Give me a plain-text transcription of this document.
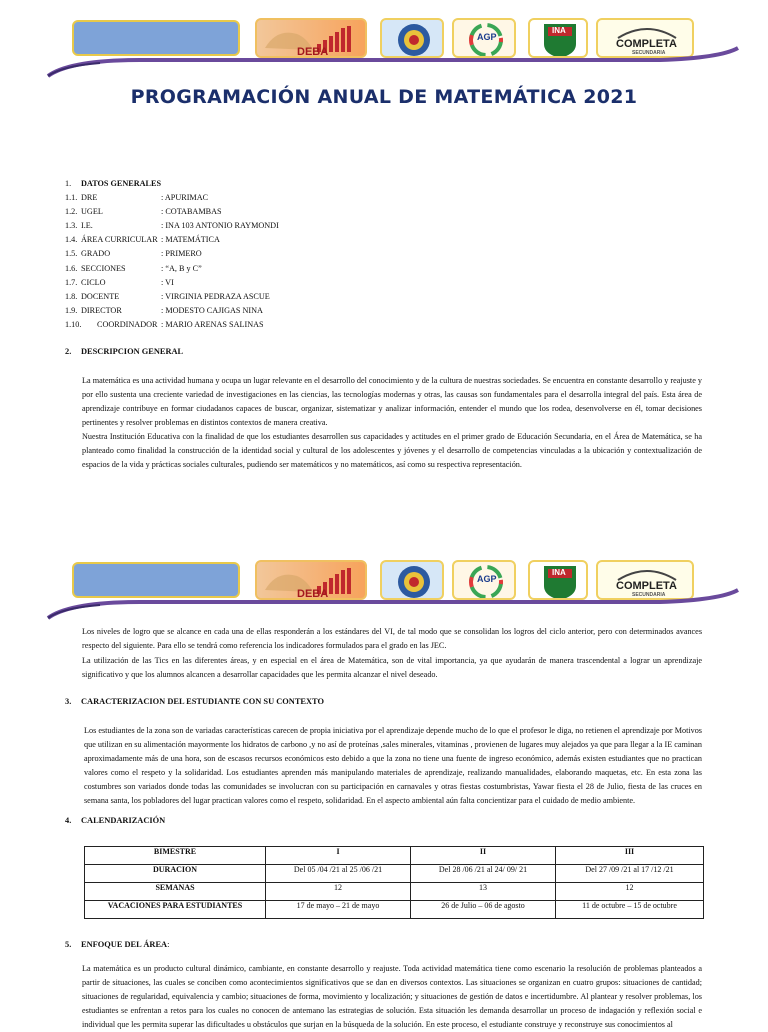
DEBA
AGP
INA
COMPLETA
SECUNDARIA
PROGRAMACIÓN ANUAL DE MATEMÁTICA 2021
1. DATOS GENERALES
1.1. DRE	: APURIMAC
1.2. UGEL	: COTABAMBAS
1.3. I.E.	: INA 103 ANTONIO RAYMONDI
1.4. ÁREA CURRICULAR : MATEMÁTICA
1.5. GRADO	: PRIMERO
1.6. SECCIONES	: “A, B y C”
1.7. CICLO	: VI
1.8. DOCENTE	: VIRGINIA PEDRAZA ASCUE
1.9. DIRECTOR	: MODESTO CAJIGAS NINA
1.10. COORDINADOR : MARIO ARENAS SALINAS
2. DESCRIPCION GENERAL
La matemática es una actividad humana y ocupa un lugar relevante en el desarrollo del conocimiento y de la cultura de nuestras sociedades. Se encuentra en constante desarrollo y reajuste y por ello sustenta una creciente variedad de investigaciones en las ciencias, las tecnologías modernas y otras, las causas son fundamentales para el desarrolla integral del país. Esta área de aprendizaje contribuye en formar ciudadanos capaces de buscar, organizar, sistematizar y analizar información, entender el mundo que los rodea, desenvolverse en él, tomar decisiones pertinentes y resolver problemas en distintos contextos de manera creativa.
Nuestra Institución Educativa con la finalidad de que los estudiantes desarrollen sus capacidades y actitudes en el primer grado de Educación Secundaria, en el Área de Matemática, se ha planteado como finalidad la construcción de la identidad social y cultural de los adolescentes y jóvenes y el desarrollo de competencias vinculadas a la ubicación y contextualización de espacios de la vida y prácticas sociales culturales, pudiendo ser matemáticos y no matemáticos, así como su respectiva representación.
DEBA
AGP
INA
COMPLETA
SECUNDARIA
Los niveles de logro que se alcance en cada una de ellas responderán a los estándares del VI, de tal modo que se consolidan los logros del ciclo anterior, pero con determinados avances respecto del siguiente. Para ello se tendrá como referencia los indicadores formulados para el grado en las JEC.
La utilización de las Tics en las diferentes áreas, y en especial en el área de Matemática, son de vital importancia, ya que ayudarán de manera trascendental a lograr un aprendizaje significativo y que los alumnos alcancen a desarrollar capacidades que les permita alcanzar el nivel deseado.
3. CARACTERIZACION DEL ESTUDIANTE CON SU CONTEXTO
Los estudiantes de la zona son de variadas características carecen de propia iniciativa por el aprendizaje depende mucho de lo que el profesor le diga, no retienen el aprendizaje por Motivos que utilizan en su alimentación mayormente los hidratos de carbono ,y no así de proteínas ,sales minerales, vitaminas , provienen de lugares muy alejados ya que para llegar a la IE caminan aproximadamente más de una hora, son de escasos recursos económicos esto debido a que la zona no tiene una fuente de ingreso económico, además existen estudiantes que no practican valores como el respeto y la solidaridad. Los estudiantes aprenden más manipulando materiales de aprendizaje, realizando manualidades, elaborando maquetas, etc. En esta zona las costumbres son variados donde todas las comunidades se involucran con su participación en carnavales y otras fiestas costumbristas, Yawar fiesta el 28 de Julio, fiesta de las cruces en semana santa, los pobladores del lugar practican valores como el respeto, solidaridad. En el aspecto ambiental aún falta concientizar para el cuidado de medio ambiente.
4. CALENDARIZACIÓN
BIMESTRE	I	II	III
DURACION	Del 05 /04 /21 al 25 /06 /21	Del 28 /06 /21 al 24/ 09/ 21	Del 27 /09 /21 al 17 /12 /21
SEMANAS	12	13	12
VACACIONES PARA ESTUDIANTES	17 de mayo – 21 de mayo	26 de Julio – 06 de agosto	11 de octubre – 15 de octubre
5. ENFOQUE DEL ÁREA:
La matemática es un producto cultural dinámico, cambiante, en constante desarrollo y reajuste. Toda actividad matemática tiene como escenario la resolución de problemas planteados a partir de situaciones, las cuales se conciben como acontecimientos significativos que se dan en diversos contextos. Las situaciones se organizan en cuatro grupos: situaciones de cantidad; situaciones de regularidad, equivalencia y cambio; situaciones de forma, movimiento y localización; y situaciones de gestión de datos e incertidumbre. Al plantear y resolver problemas, los estudiantes se enfrentan a retos para los cuales no conocen de antemano las estrategias de solución. Esta situación les demanda desarrollar un proceso de indagación y reflexión social e individual que les permita superar las dificultades u obstáculos que surjan en la búsqueda de la solución. En este proceso, el estudiante construye y reconstruye sus conocimientos al
